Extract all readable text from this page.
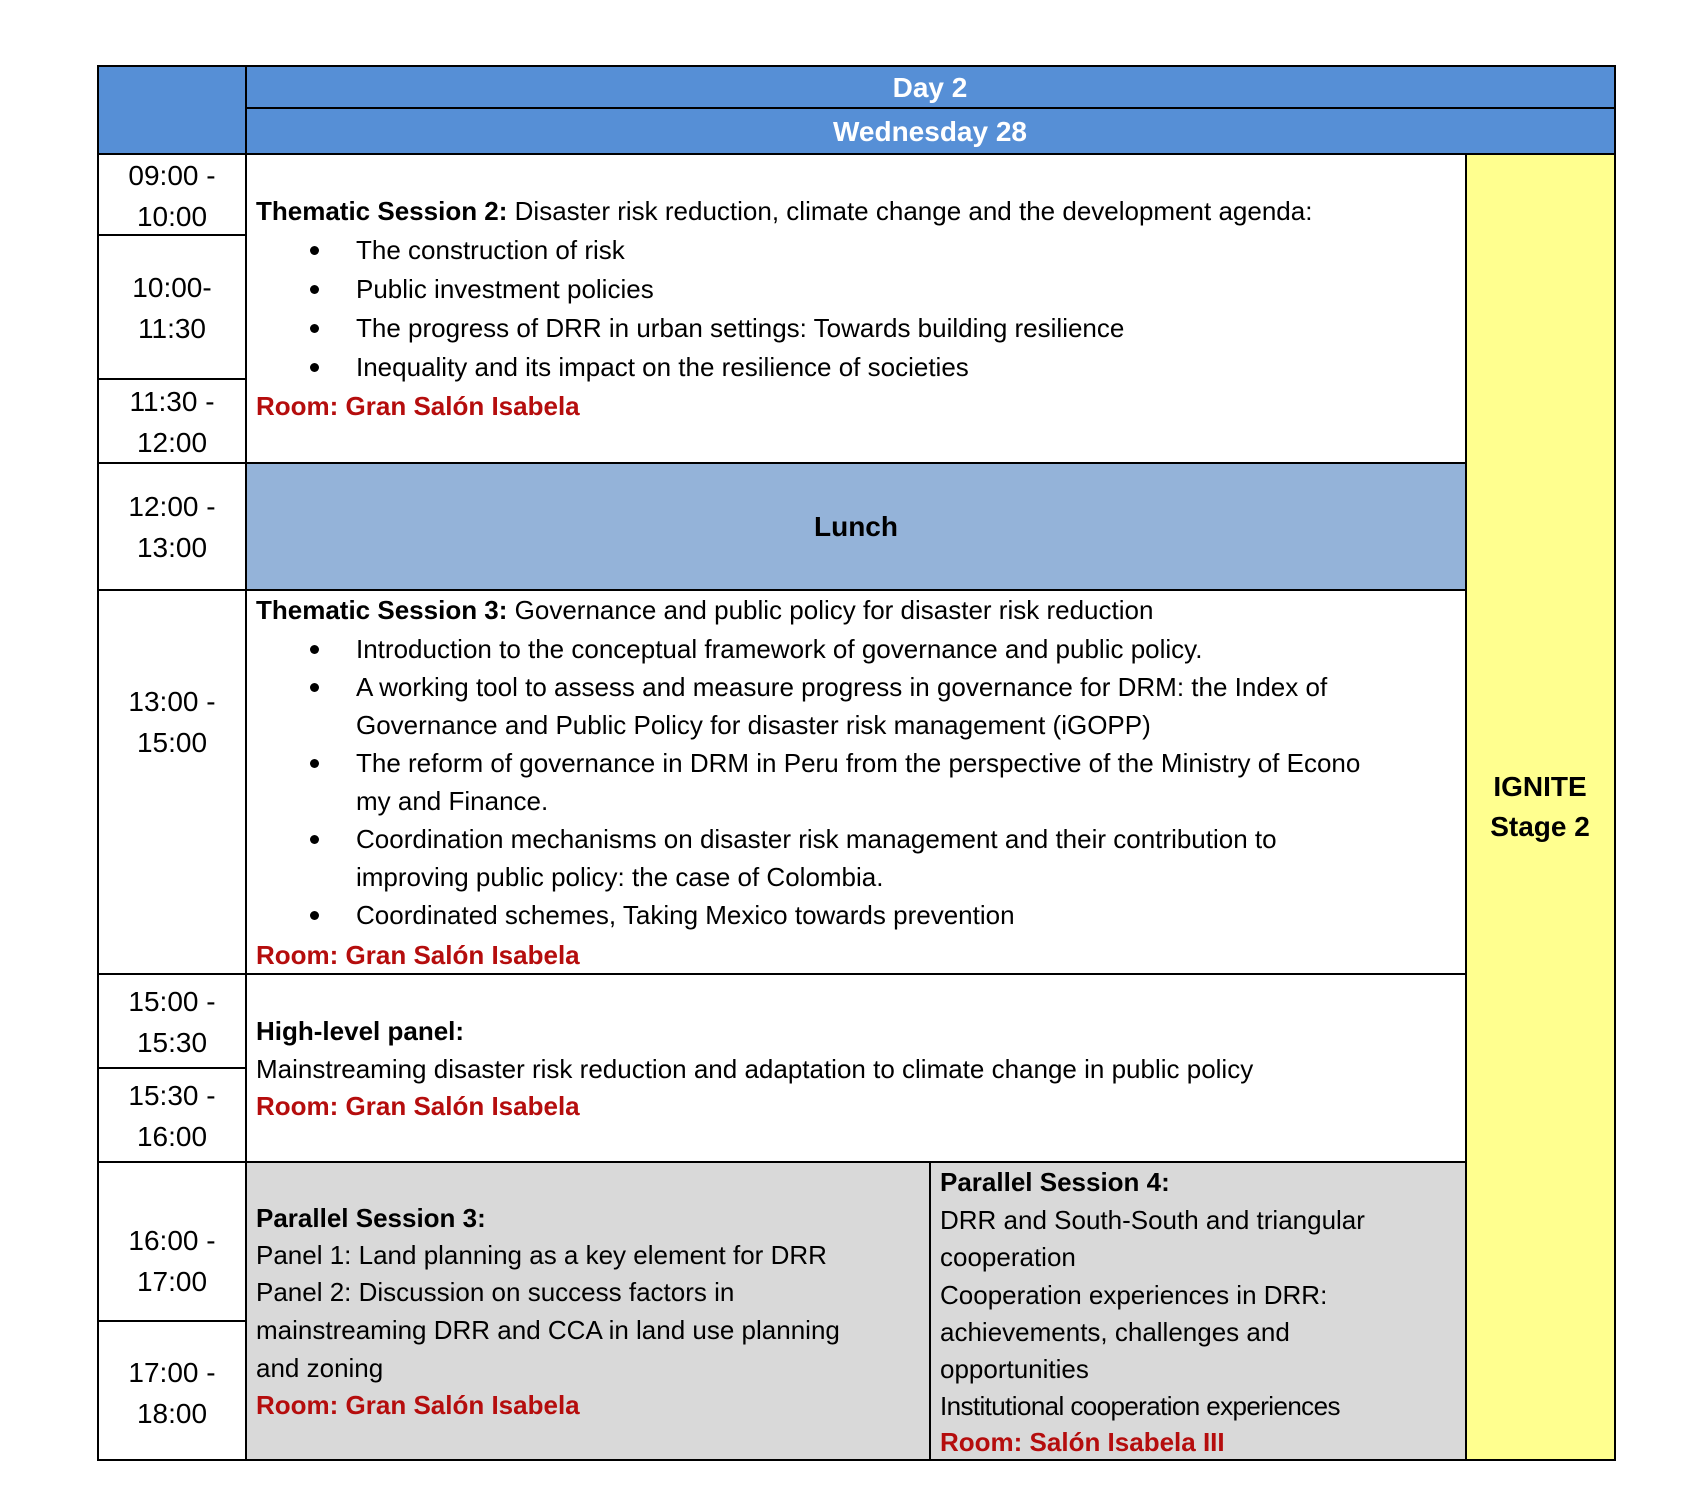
Day 2
Wednesday 28
Lunch
IGNITE
Stage 2
09:00 -
10:00
10:00-
11:30
11:30 -
12:00
12:00 -
13:00
13:00 -
15:00
15:00 -
15:30
15:30 -
16:00
16:00 -
17:00
17:00 -
18:00
Thematic Session 2: Disaster risk reduction, climate change and the development agenda:
The construction of risk
Public investment policies
The progress of DRR in urban settings: Towards building resilience
Inequality and its impact on the resilience of societies
Room: Gran Salón Isabela
Thematic Session 3: Governance and public policy for disaster risk reduction
Introduction to the conceptual framework of governance and public policy.
A working tool to assess and measure progress in governance for DRM: the Index of
Governance and Public Policy for disaster risk management (iGOPP)
The reform of governance in DRM in Peru from the perspective of the Ministry of Econo
my and Finance.
Coordination mechanisms on disaster risk management and their contribution to
improving public policy: the case of Colombia.
Coordinated schemes, Taking Mexico towards prevention
Room: Gran Salón Isabela
High-level panel:
Mainstreaming disaster risk reduction and adaptation to climate change in public policy
Room: Gran Salón Isabela
Parallel Session 3:
Panel 1: Land planning as a key element for DRR
Panel 2: Discussion on success factors in
mainstreaming DRR and CCA in land use planning
and zoning
Room: Gran Salón Isabela
Parallel Session 4:
DRR and South-South and triangular
cooperation
Cooperation experiences in DRR:
achievements, challenges and
opportunities
Institutional cooperation experiences
Room: Salón Isabela III
